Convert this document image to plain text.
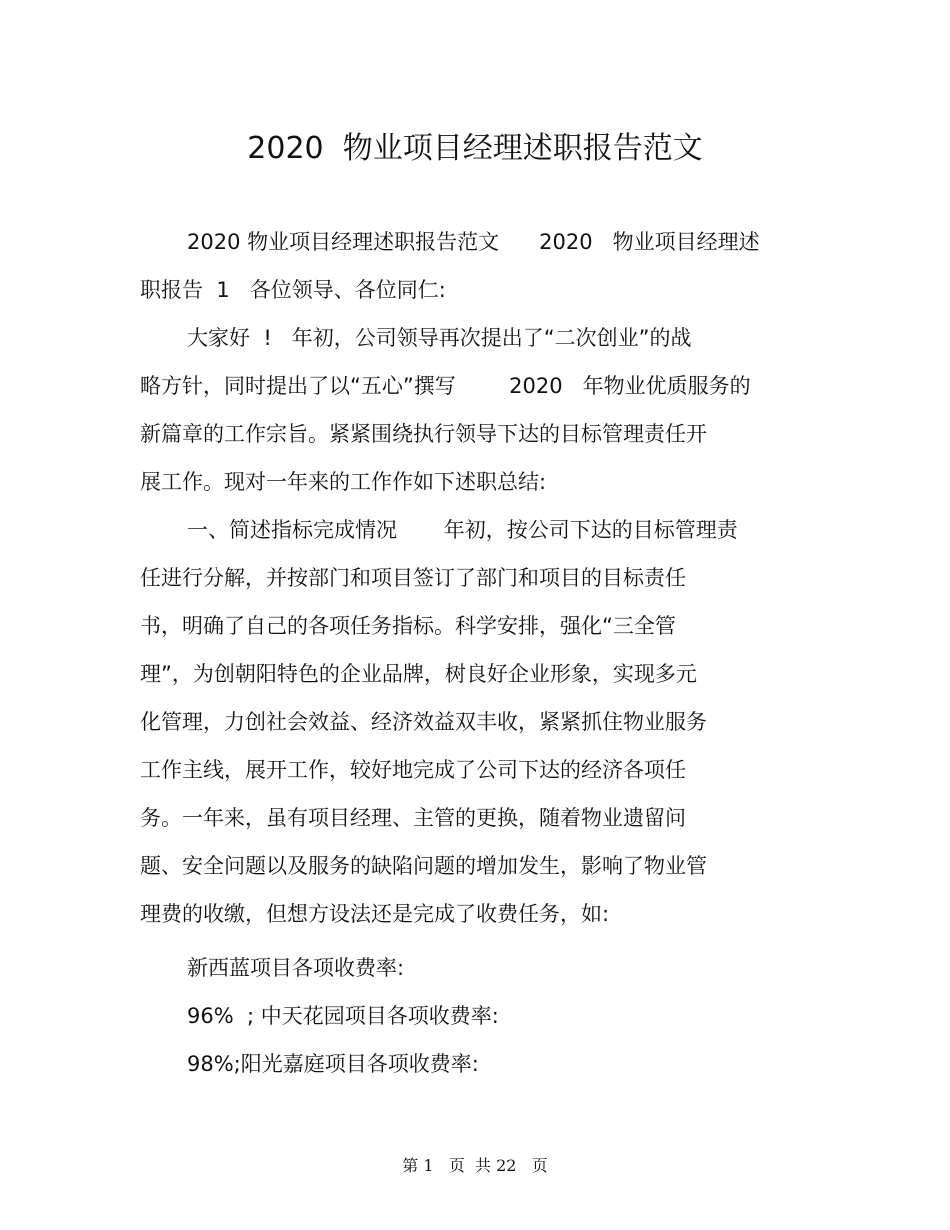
2020  物业项目经理述职报告范文
2020 物业项目经理述职报告范文      2020   物业项目经理述
职报告  1   各位领导、各位同仁:
大家好  !   年初，公司领导再次提出了“二次创业”的战
略方针，同时提出了以“五心”撰写        2020   年物业优质服务的
新篇章的工作宗旨。紧紧围绕执行领导下达的目标管理责任开
展工作。现对一年来的工作作如下述职总结:
一、简述指标完成情况       年初，按公司下达的目标管理责
任进行分解，并按部门和项目签订了部门和项目的目标责任
书，明确了自己的各项任务指标。科学安排，强化“三全管
理”，为创朝阳特色的企业品牌，树良好企业形象，实现多元
化管理，力创社会效益、经济效益双丰收，紧紧抓住物业服务
工作主线，展开工作，较好地完成了公司下达的经济各项任
务。一年来，虽有项目经理、主管的更换，随着物业遗留问
题、安全问题以及服务的缺陷问题的增加发生，影响了物业管
理费的收缴，但想方设法还是完成了收费任务，如:
新西蓝项目各项收费率:
96%  ; 中天花园项目各项收费率:
98%;阳光嘉庭项目各项收费率:
第 1   页  共 22   页
